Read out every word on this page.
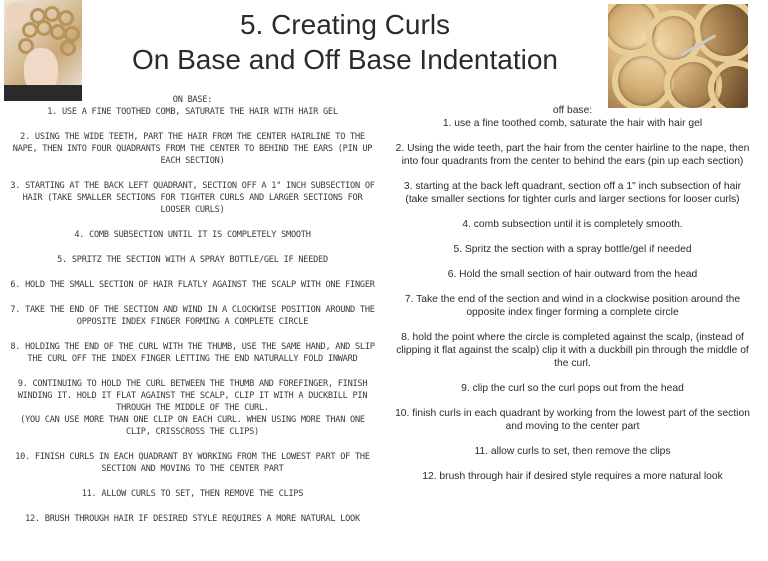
5. Creating Curls
On Base and Off Base Indentation

ON BASE:

1. USE A FINE TOOTHED COMB, SATURATE THE HAIR WITH HAIR GEL

2. USING THE WIDE TEETH, PART THE HAIR FROM THE CENTER HAIRLINE TO THE NAPE, THEN INTO FOUR QUADRANTS FROM THE CENTER TO BEHIND THE EARS (PIN UP EACH SECTION)

3. STARTING AT THE BACK LEFT QUADRANT, SECTION OFF A 1" INCH SUBSECTION OF HAIR (TAKE SMALLER SECTIONS FOR TIGHTER CURLS AND LARGER SECTIONS FOR LOOSER CURLS)

4. COMB SUBSECTION UNTIL IT IS COMPLETELY SMOOTH

5. SPRITZ THE SECTION WITH A SPRAY BOTTLE/GEL IF NEEDED

6. HOLD THE SMALL SECTION OF HAIR FLATLY AGAINST THE SCALP WITH ONE FINGER

7. TAKE THE END OF THE SECTION AND WIND IN A CLOCKWISE POSITION AROUND THE OPPOSITE INDEX FINGER FORMING A COMPLETE CIRCLE

8. HOLDING THE END OF THE CURL WITH THE THUMB, USE THE SAME HAND, AND SLIP THE CURL OFF THE INDEX FINGER LETTING THE END NATURALLY FOLD INWARD

9. CONTINUING TO HOLD THE CURL BETWEEN THE THUMB AND FOREFINGER, FINISH WINDING IT. HOLD IT FLAT AGAINST THE SCALP, CLIP IT WITH A DUCKBILL PIN THROUGH THE MIDDLE OF THE CURL.

(YOU CAN USE MORE THAN ONE CLIP ON EACH CURL. WHEN USING MORE THAN ONE CLIP, CRISSCROSS THE CLIPS)

10. FINISH CURLS IN EACH QUADRANT BY WORKING FROM THE LOWEST PART OF THE SECTION AND MOVING TO THE CENTER PART

11. ALLOW CURLS TO SET, THEN REMOVE THE CLIPS

12. BRUSH THROUGH HAIR IF DESIRED STYLE REQUIRES A MORE NATURAL LOOK

off base:

1. use a fine toothed comb, saturate the hair with hair gel

2. Using the wide teeth, part the hair from the center hairline to the nape, then into four quadrants from the center to behind the ears (pin up each section)

3. starting at the back left quadrant, section off a 1" inch subsection of hair (take smaller sections for tighter curls and larger sections for looser curls)

4. comb subsection until it is completely smooth.

5. Spritz the section with a spray bottle/gel if needed

6. Hold the small section of hair outward from the head

7. Take the end of the section and wind in a clockwise position around the opposite index finger forming a complete circle

8. hold the point where the circle is completed against the scalp, (instead of clipping it flat against the scalp) clip it with a duckbill pin through the middle of the curl.

9. clip the curl so the curl pops out from the head

10. finish curls in each quadrant by working from the lowest part of the section and moving to the center part

11. allow curls to set, then remove the clips

12. brush through hair if desired style requires a more natural look
